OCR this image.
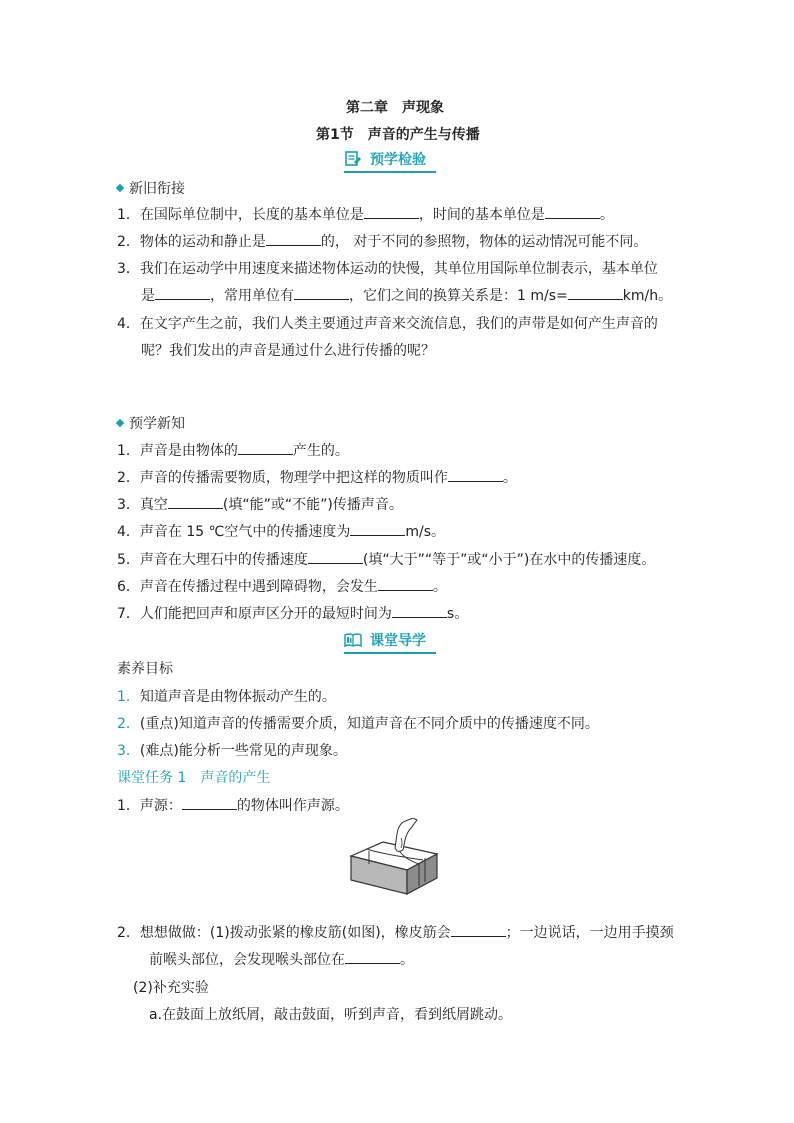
第二章　声现象
第1节　声音的产生与传播
预学检验
新旧衔接
1．在国际单位制中，长度的基本单位是	，时间的基本单位是	。
2．物体的运动和静止是	的， 对于不同的参照物，物体的运动情况可能不同。
3．我们在运动学中用速度来描述物体运动的快慢，其单位用国际单位制表示，基本单位
是	，常用单位有	，它们之间的换算关系是：1 m/s=	km/h。
4．在文字产生之前，我们人类主要通过声音来交流信息，我们的声带是如何产生声音的
呢？我们发出的声音是通过什么进行传播的呢？
预学新知
1．声音是由物体的	产生的。
2．声音的传播需要物质，物理学中把这样的物质叫作	。
3．真空	(填“能”或“不能”)传播声音。
4．声音在 15 ℃空气中的传播速度为	m/s。
5．声音在大理石中的传播速度	(填“大于”“等于”或“小于”)在水中的传播速度。
6．声音在传播过程中遇到障碍物，会发生	。
7．人们能把回声和原声区分开的最短时间为	s。
课堂导学
素养目标
1．知道声音是由物体振动产生的。
2．(重点)知道声音的传播需要介质，知道声音在不同介质中的传播速度不同。
3．(难点)能分析一些常见的声现象。
课堂任务 1　声音的产生
1．声源：	的物体叫作声源。
2．想想做做：(1)拨动张紧的橡皮筋(如图)，橡皮筋会	；一边说话，一边用手摸颈
前喉头部位，会发现喉头部位在	。
(2)补充实验
a.在鼓面上放纸屑，敲击鼓面，听到声音，看到纸屑跳动。
